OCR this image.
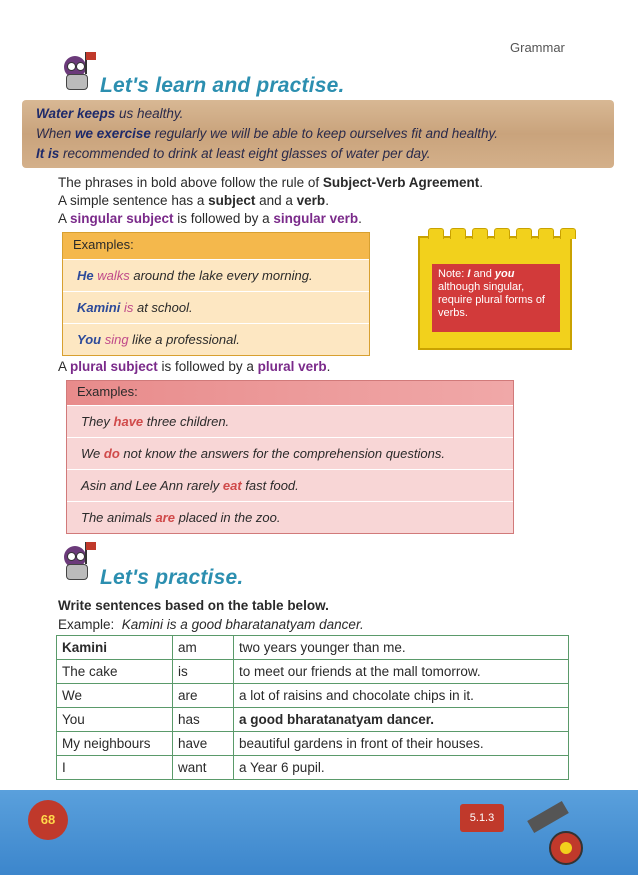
Grammar
Let's learn and practise.

Water keeps us healthy.

When we exercise regularly we will be able to keep ourselves fit and healthy.

It is recommended to drink at least eight glasses of water per day.

The phrases in bold above follow the rule of Subject-Verb Agreement.

A simple sentence has a subject and a verb.

A singular subject is followed by a singular verb.

Examples:
He walks around the lake every morning.
Kamini is at school.
You sing like a professional.
Note: I and you although singular, require plural forms of verbs.

A plural subject is followed by a plural verb.

Examples:
They have three children.
We do not know the answers for the comprehension questions.
Asin and Lee Ann rarely eat fast food.
The animals are placed in the zoo.
Let's practise.
Write sentences based on the table below.
Example: Kamini is a good bharatanatyam dancer.
Kamini	am	two years younger than me.
The cake	is	to meet our friends at the mall tomorrow.
We	are	a lot of raisins and chocolate chips in it.
You	has	a good bharatanatyam dancer.
My neighbours	have	beautiful gardens in front of their houses.
I	want	a Year 6 pupil.
68	5.1.3
